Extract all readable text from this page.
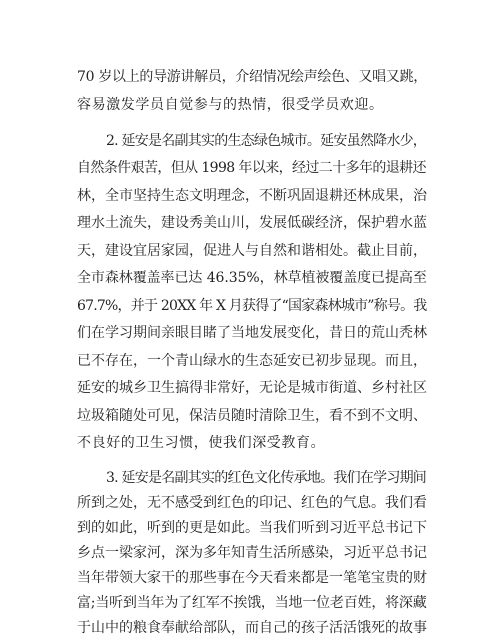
70 岁以上的导游讲解员，介绍情况绘声绘色、又唱又跳，
容易激发学员自觉参与的热情，很受学员欢迎。
2. 延安是名副其实的生态绿色城市。延安虽然降水少，
自然条件艰苦，但从 1998 年以来，经过二十多年的退耕还
林，全市坚持生态文明理念，不断巩固退耕还林成果，治
理水土流失，建设秀美山川，发展低碳经济，保护碧水蓝
天，建设宜居家园，促进人与自然和谐相处。截止目前，
全市森林覆盖率已达 46.35%，林草植被覆盖度已提高至
67.7%，并于 20XX 年 X 月获得了“国家森林城市”称号。我
们在学习期间亲眼目睹了当地发展变化，昔日的荒山秃林
已不存在，一个青山绿水的生态延安已初步显现。而且，
延安的城乡卫生搞得非常好，无论是城市街道、乡村社区
垃圾箱随处可见，保洁员随时清除卫生，看不到不文明、
不良好的卫生习惯，使我们深受教育。
3. 延安是名副其实的红色文化传承地。我们在学习期间
所到之处，无不感受到红色的印记、红色的气息。我们看
到的如此，听到的更是如此。当我们听到习近平总书记下
乡点一梁家河，深为多年知青生活所感染，习近平总书记
当年带领大家干的那些事在今天看来都是一笔笔宝贵的财
富;当听到当年为了红军不挨饿，当地一位老百姓，将深藏
于山中的粮食奉献给部队，而自己的孩子活活饿死的故事
